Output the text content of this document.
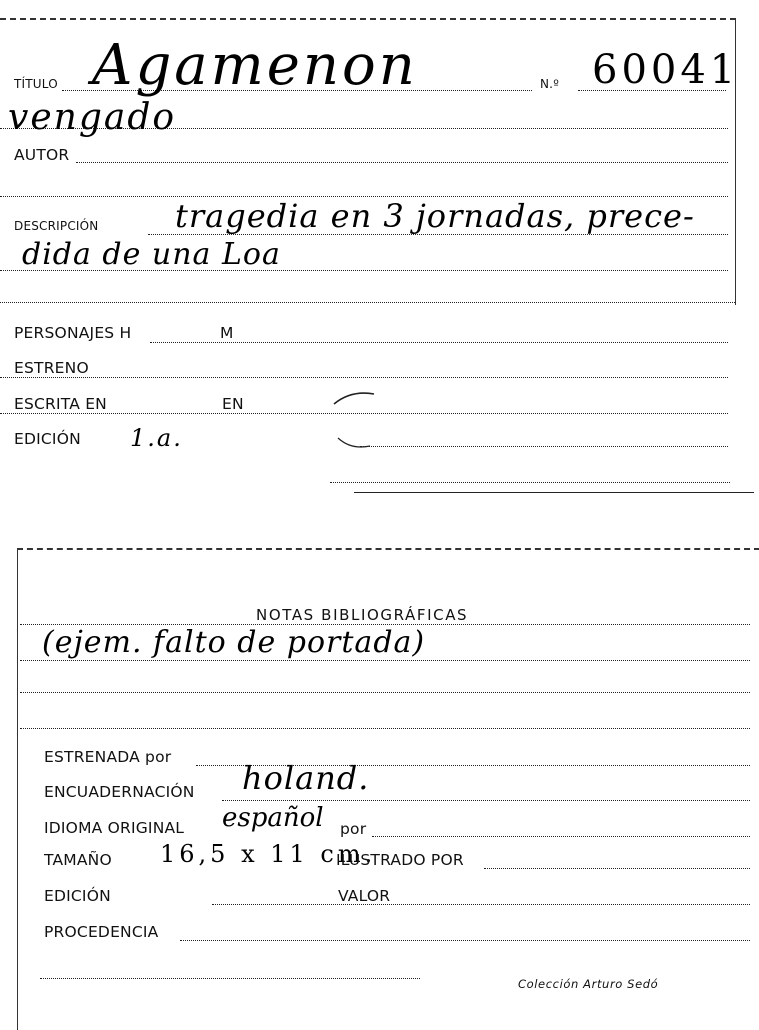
TÍTULO Agamenon	N.º 60041
vengado
AUTOR
DESCRIPCIÓN tragedia en 3 jornadas, prece-
dida de una Loa
PERSONAJES H	M
ESTRENO
ESCRITA EN	EN
EDICIÓN 1.a.
NOTAS BIBLIOGRÁFICAS
(ejem. falto de portada)
ESTRENADA por
ENCUADERNACIÓN holand.
IDIOMA ORIGINAL español por
TAMAÑO 16,5 x 11 cm.
ILUSTRADO POR
EDICIÓN	VALOR
PROCEDENCIA
Colección Arturo Sedó
